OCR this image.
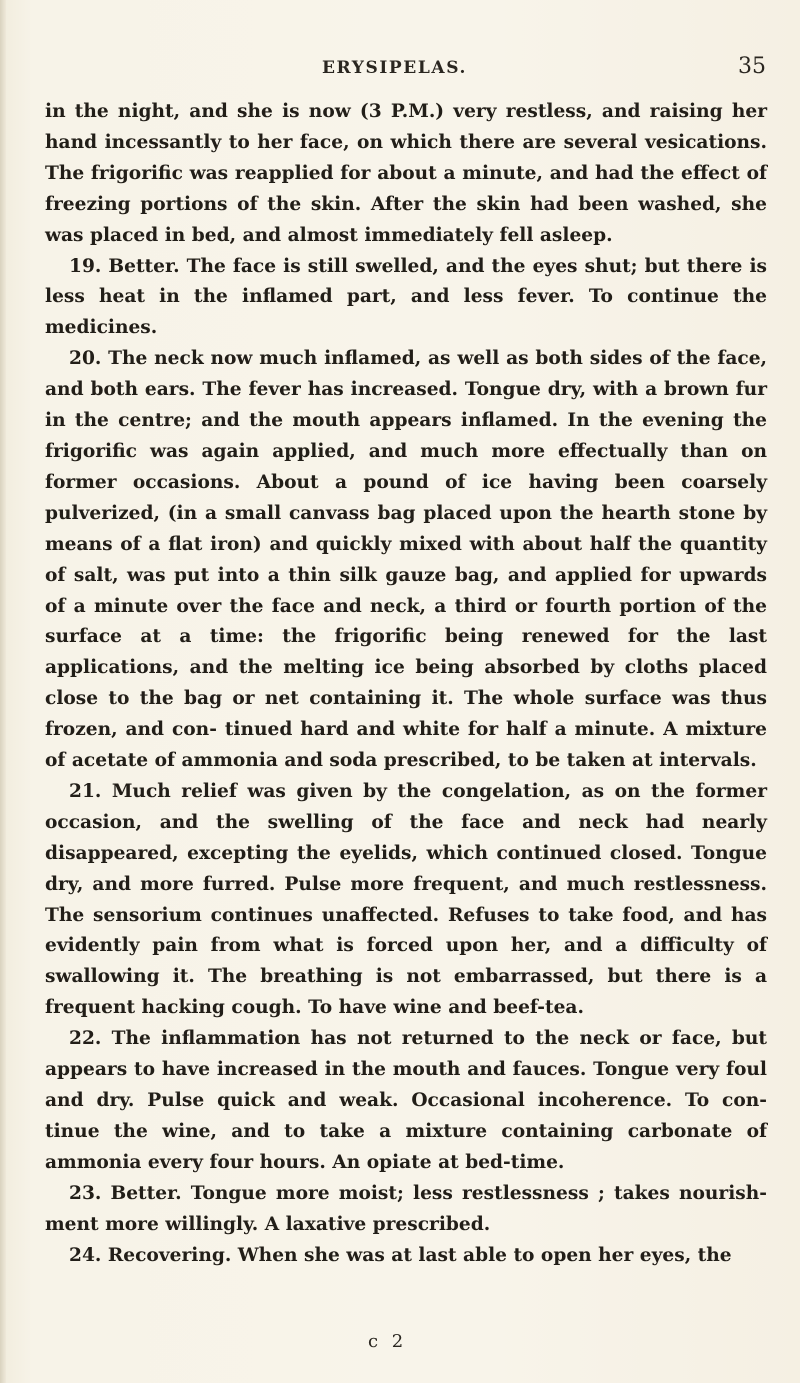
ERYSIPELAS.	35

in the night, and she is now (3 P.M.) very restless, and raising her hand incessantly to her face, on which there are several vesications. The frigorific was reapplied for about a minute, and had the effect of freezing portions of the skin. After the skin had been washed, she was placed in bed, and almost immediately fell asleep.

19. Better. The face is still swelled, and the eyes shut; but there is less heat in the inflamed part, and less fever. To continue the medicines.

20. The neck now much inflamed, as well as both sides of the face, and both ears. The fever has increased. Tongue dry, with a brown fur in the centre; and the mouth appears inflamed. In the evening the frigorific was again applied, and much more effectually than on former occasions. About a pound of ice having been coarsely pulverized, (in a small canvass bag placed upon the hearth stone by means of a flat iron) and quickly mixed with about half the quantity of salt, was put into a thin silk gauze bag, and applied for upwards of a minute over the face and neck, a third or fourth portion of the surface at a time: the frigorific being renewed for the last applications, and the melting ice being absorbed by cloths placed close to the bag or net containing it. The whole surface was thus frozen, and con- tinued hard and white for half a minute. A mixture of acetate of ammonia and soda prescribed, to be taken at intervals.

21. Much relief was given by the congelation, as on the former occasion, and the swelling of the face and neck had nearly disappeared, excepting the eyelids, which continued closed. Tongue dry, and more furred. Pulse more frequent, and much restlessness. The sensorium continues unaffected. Refuses to take food, and has evidently pain from what is forced upon her, and a difficulty of swallowing it. The breathing is not embarrassed, but there is a frequent hacking cough. To have wine and beef-tea.

22. The inflammation has not returned to the neck or face, but appears to have increased in the mouth and fauces. Tongue very foul and dry. Pulse quick and weak. Occasional incoherence. To con- tinue the wine, and to take a mixture containing carbonate of ammonia every four hours. An opiate at bed-time.

23. Better. Tongue more moist; less restlessness ; takes nourish- ment more willingly. A laxative prescribed.

24. Recovering. When she was at last able to open her eyes, the

c 2
